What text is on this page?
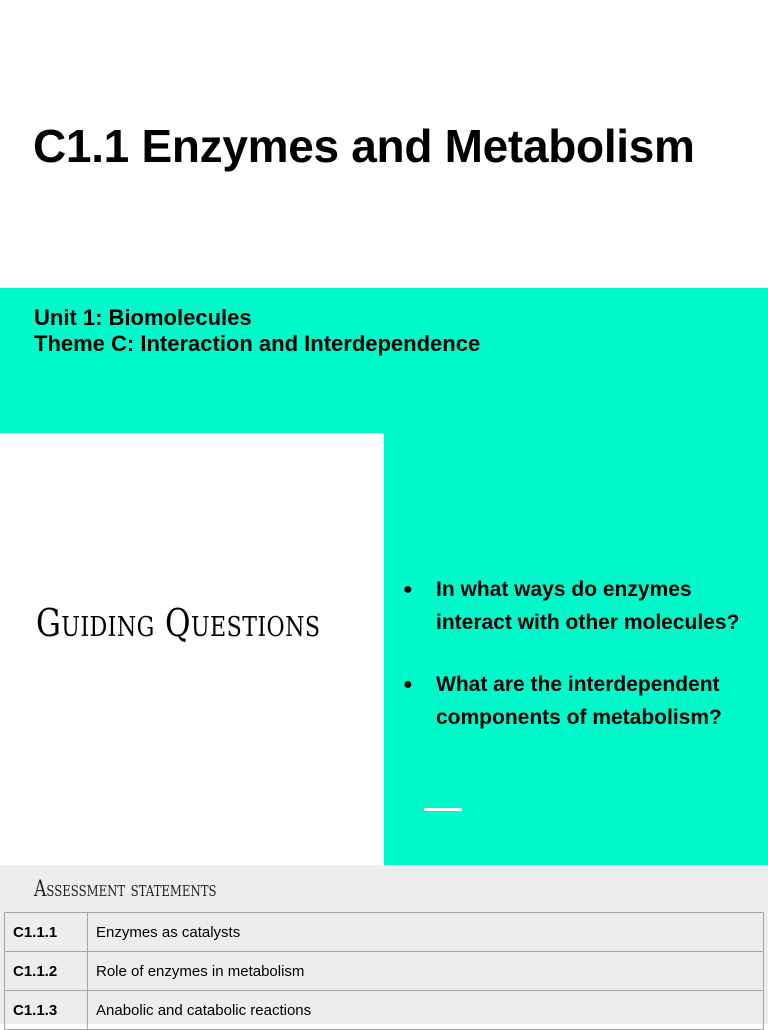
C1.1 Enzymes and Metabolism
Unit 1: Biomolecules
Theme C: Interaction and Interdependence
Guiding Questions
● In what ways do enzymes interact with other molecules?
● What are the interdependent components of metabolism?
Assessment statements
C1.1.1	Enzymes as catalysts
C1.1.2	Role of enzymes in metabolism
C1.1.3	Anabolic and catabolic reactions
